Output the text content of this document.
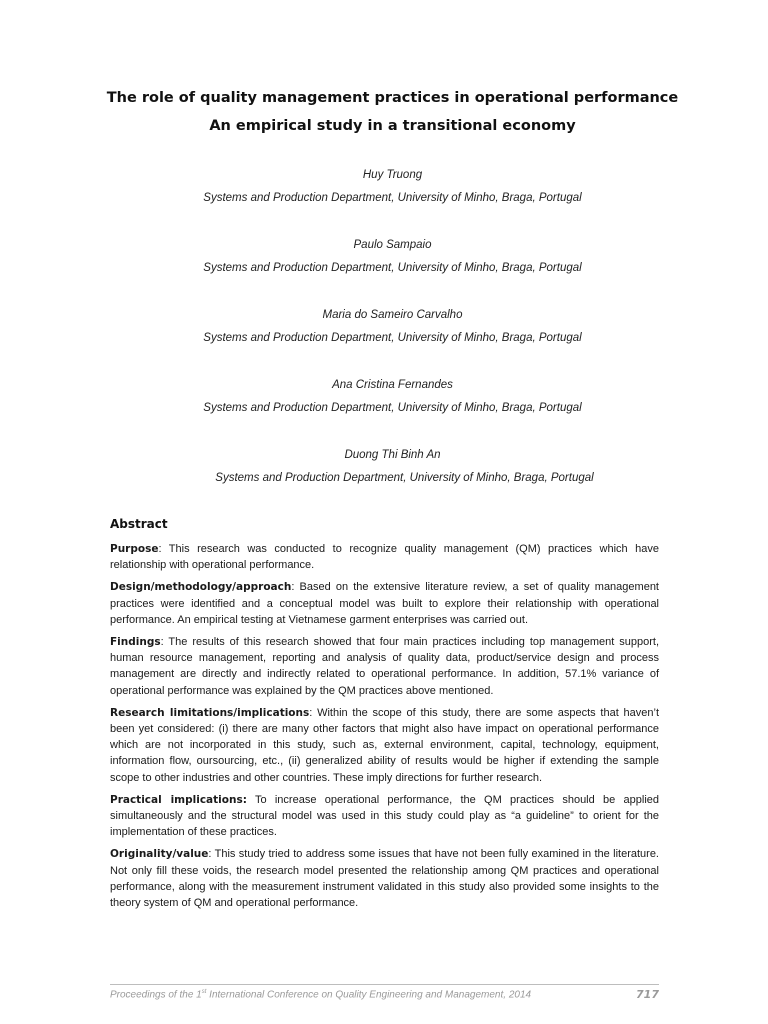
The role of quality management practices in operational performance
An empirical study in a transitional economy
Huy Truong
Systems and Production Department, University of Minho, Braga, Portugal
Paulo Sampaio
Systems and Production Department, University of Minho, Braga, Portugal
Maria do Sameiro Carvalho
Systems and Production Department, University of Minho, Braga, Portugal
Ana Cristina Fernandes
Systems and Production Department, University of Minho, Braga, Portugal
Duong Thi Binh An
Systems and Production Department, University of Minho, Braga, Portugal
Abstract

Purpose: This research was conducted to recognize quality management (QM) practices which have relationship with operational performance.

Design/methodology/approach: Based on the extensive literature review, a set of quality management practices were identified and a conceptual model was built to explore their relationship with operational performance. An empirical testing at Vietnamese garment enterprises was carried out.

Findings: The results of this research showed that four main practices including top management support, human resource management, reporting and analysis of quality data, product/service design and process management are directly and indirectly related to operational performance. In addition, 57.1% variance of operational performance was explained by the QM practices above mentioned.

Research limitations/implications: Within the scope of this study, there are some aspects that haven’t been yet considered: (i) there are many other factors that might also have impact on operational performance which are not incorporated in this study, such as, external environment, capital, technology, equipment, information flow, oursourcing, etc., (ii) generalized ability of results would be higher if extending the sample scope to other industries and other countries. These imply directions for further research.

Practical implications: To increase operational performance, the QM practices should be applied simultaneously and the structural model was used in this study could play as “a guideline” to orient for the implementation of these practices.

Originality/value: This study tried to address some issues that have not been fully examined in the literature. Not only fill these voids, the research model presented the relationship among QM practices and operational performance, along with the measurement instrument validated in this study also provided some insights to the theory system of QM and operational performance.

Proceedings of the 1st International Conference on Quality Engineering and Management, 2014	717
